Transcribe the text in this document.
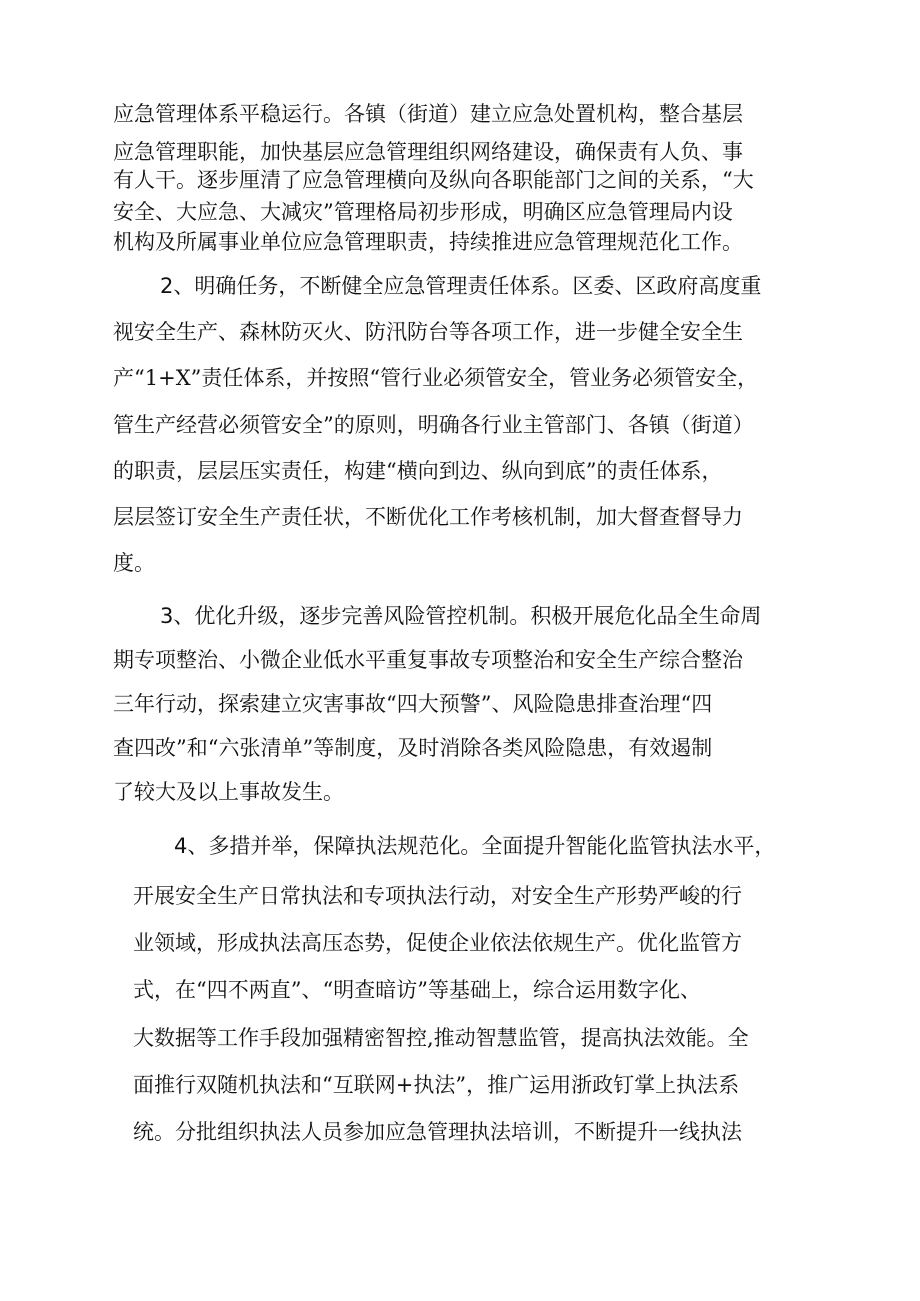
应急管理体系平稳运行。各镇（街道）建立应急处置机构，整合基层
应急管理职能，加快基层应急管理组织网络建设，确保责有人负、事
有人干。逐步厘清了应急管理横向及纵向各职能部门之间的关系，“大
安全、大应急、大减灾”管理格局初步形成，明确区应急管理局内设
机构及所属事业单位应急管理职责，持续推进应急管理规范化工作。
2、明确任务，不断健全应急管理责任体系。区委、区政府高度重
视安全生产、森林防灭火、防汛防台等各项工作，进一步健全安全生
产“1+X”责任体系，并按照“管行业必须管安全，管业务必须管安全，
管生产经营必须管安全”的原则，明确各行业主管部门、各镇（街道）
的职责，层层压实责任，构建“横向到边、纵向到底”的责任体系，
层层签订安全生产责任状，不断优化工作考核机制，加大督查督导力
度。
3、优化升级，逐步完善风险管控机制。积极开展危化品全生命周
期专项整治、小微企业低水平重复事故专项整治和安全生产综合整治
三年行动，探索建立灾害事故“四大预警”、风险隐患排查治理“四
查四改”和“六张清单”等制度，及时消除各类风险隐患，有效遏制
了较大及以上事故发生。
4、多措并举，保障执法规范化。全面提升智能化监管执法水平，
开展安全生产日常执法和专项执法行动，对安全生产形势严峻的行
业领域，形成执法高压态势，促使企业依法依规生产。优化监管方
式，在“四不两直”、“明查暗访”等基础上，综合运用数字化、
大数据等工作手段加强精密智控,推动智慧监管，提高执法效能。全
面推行双随机执法和“互联网+执法”，推广运用浙政钉掌上执法系
统。分批组织执法人员参加应急管理执法培训，不断提升一线执法
